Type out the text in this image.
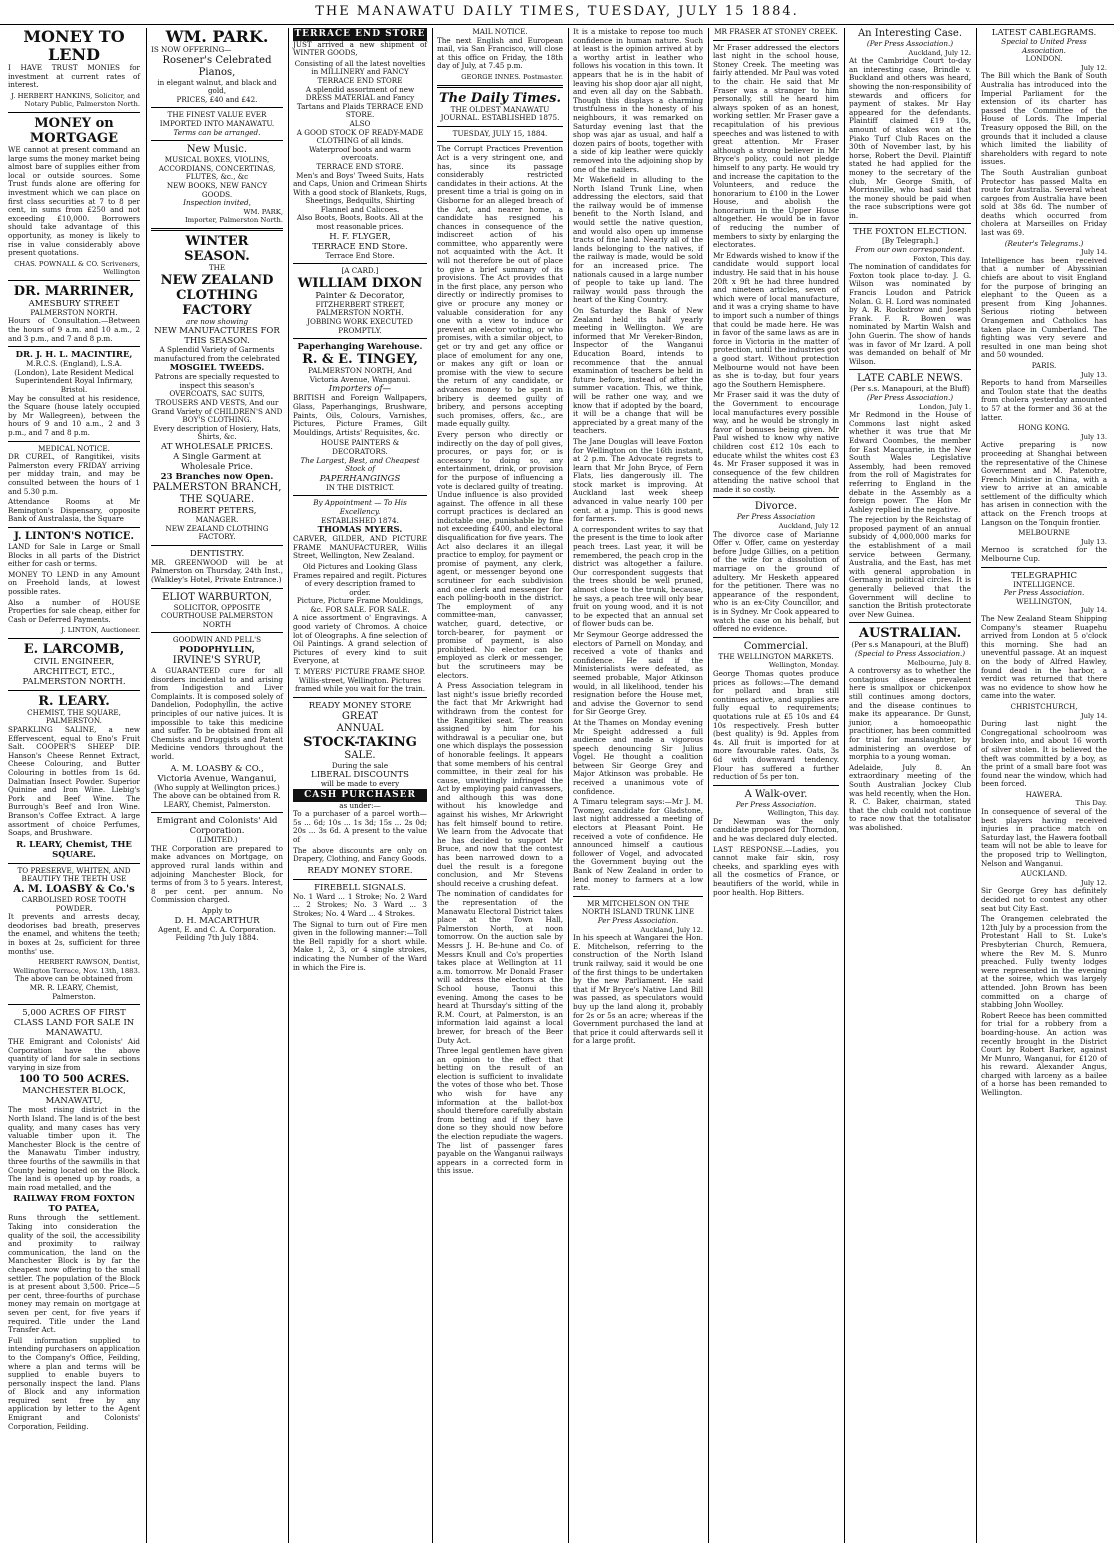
THE MANAWATU DAILY TIMES, TUESDAY, JULY 15 1884.
MONEY TO LEND
I HAVE TRUST MONIES for investment at current rates of interest.
J. HERBERT HANKINS, Solicitor, and Notary Public, Palmerston North.
MONEY on MORTGAGE
WE cannot at present command an large sums the money market being almost bare of supplies either from local or outside sources. Some Trust funds alone are offering for investment which we can place on first class securities at 7 to 8 per cent, in sums from £250 and not exceeding £10,000. Borrowers should take advantage of this opportunity, as money is likely to rise in value considerably above present quotations.
CHAS. POWNALL & CO. Scriveners, Wellington
DR. MARRINER,
AMESBURY STREET
PALMERSTON NORTH.
Hours of Consultation.—Between the hours of 9 a.m. and 10 a.m., 2 and 3 p.m., and 7 and 8 p.m.
DR. J. H. L. MACINTIRE,
M.R.C.S. (England), L.S.A. (London), Late Resident Medical Superintendent Royal Infirmary, Bristol.
May be consulted at his residence, the Square (house lately occupied by Mr Wallegreen), between the hours of 9 and 10 a.m., 2 and 3 p.m., and 7 and 8 p.m.
MEDICAL NOTICE.
DR CUREL, of Rangitikei, visits Palmerston every FRIDAY arriving per midday train, and may be consulted between the hours of 1 and 5.30 p.m.
Attendance Rooms at Mr Remington's Dispensary, opposite Bank of Australasia, the Square
J. LINTON'S NOTICE.
LAND for Sale in Large or Small Blocks in all parts of the District either for cash or terms.
MONEY TO LEND in any Amount on Freehold lands, at lowest possible rates.
Also a number of HOUSE Properties for sale cheap, either for Cash or Deferred Payments.
J. LINTON, Auctioneer.
E. LARCOMB,
CIVIL ENGINEER, ARCHITECT, ETC., PALMERSTON NORTH.
R. LEARY.
CHEMIST, THE SQUARE, PALMERSTON.
SPARKLING SALINE, a new Effervescent, equal to Eno's Fruit Salt. COOPER'S SHEEP DIP. Hanson's Cheese Rennet Extract, Cheese Colouring, and Butter Colouring in bottles from 1s 6d. Dalmatian Insect Powder. Superior Quinine and Iron Wine. Liebig's Pork and Beef Wine. The Burrough's Beef and Iron Wine. Branson's Coffee Extract. A large assortment of choice Perfumes, Soaps, and Brushware.
R. LEARY, Chemist, THE SQUARE.
TO PRESERVE, WHITEN, AND BEAUTIFY THE TEETH USE
A. M. LOASBY & Co.'s
CARBOLISED ROSE TOOTH POWDER.
It prevents and arrests decay, deodorises bad breath, preserves the enamel, and whitens the teeth; in boxes at 2s, sufficient for three months' use.
HERBERT RAWSON, Dentist, Wellington Terrace, Nov. 13th, 1883.
The above can be obtained from MR. R. LEARY, Chemist, Palmerston.
5,000 ACRES OF FIRST CLASS LAND FOR SALE IN MANAWATU.
THE Emigrant and Colonists' Aid Corporation have the above quantity of land for sale in sections varying in size from
100 TO 500 ACRES.
MANCHESTER BLOCK, MANAWATU,
The most rising district in the North Island. The land is of the best quality, and many cases has very valuable timber upon it. The Manchester Block is the centre of the Manawatu Timber industry, three fourths of the sawmills in that County being located on the Block. The land is opened up by roads, a main road metalled, and the
RAILWAY FROM FOXTON TO PATEA,
Runs through the settlement. Taking into consideration the quality of the soil, the accessibility and proximity to railway communication, the land on the Manchester Block is by far the cheapest now offering to the small settler. The population of the Block is at present about 3,500. Price—5 per cent, three-fourths of purchase money may remain on mortgage at seven per cent, for five years if required. Title under the Land Transfer Act.
Full information supplied to intending purchasers on application to the Company's Office, Feilding, where a plan and terms will be supplied to enable buyers to personally inspect the land. Plans of Block and any information required sent free by any application by letter to the Agent Emigrant and Colonists' Corporation, Feilding.
WM. PARK.
IS NOW OFFERING—
Rosener's Celebrated Pianos,
in elegant walnut, and black and gold,
PRICES, £40 and £42.
THE FINEST VALUE EVER IMPORTED INTO MANAWATU.
Terms can be arranged.
New Music.
MUSICAL BOXES, VIOLINS, ACCORDIANS, CONCERTINAS, FLUTES, &c., &c
NEW BOOKS, NEW FANCY GOODS.
Inspection invited,
WM. PARK,
Importer, Palmerston North.
WINTER SEASON.
THE
NEW ZEALAND
CLOTHING FACTORY
are now showing
NEW MANUFACTURES FOR THIS SEASON.
A Splendid Variety of Garments manufactured from the celebrated
MOSGIEL TWEEDS.
Patrons are specially requested to inspect this season's
OVERCOATS, SAC SUITS, TROUSERS AND VESTS, And our Grand Variety of CHILDREN'S AND BOY'S CLOTHING.
Every description of Hosiery, Hats, Shirts, &c.
AT WHOLESALE PRICES.
A Single Garment at Wholesale Price.
23 Branches now Open.
PALMERSTON BRANCH,
THE SQUARE.
ROBERT PETERS,
MANAGER.
NEW ZEALAND CLOTHING FACTORY.
DENTISTRY.
MR. GREENWOOD will be at Palmerston on Thursday, 24th Inst., (Walkley's Hotel, Private Entrance.)
ELIOT WARBURTON,
SOLICITOR, OPPOSITE COURTHOUSE PALMERSTON NORTH
GOODWIN AND PELL'S
PODOPHYLLIN,
IRVINE'S SYRUP,
A GUARANTEED cure for all disorders incidental to and arising from Indigestion and Liver Complaints. It is composed solely of Dandelion, Podophyllin, the active principles of our native juices. It is impossible to take this medicine and suffer. To be obtained from all Chemists and Druggists and Patent Medicine vendors throughout the world.
A. M. LOASBY & CO.,
Victoria Avenue, Wanganui,
(Who supply at Wellington prices.) The above can be obtained from R. LEARY, Chemist, Palmerston.
Emigrant and Colonists' Aid Corporation.
(LIMITED.)
THE Corporation are prepared to make advances on Mortgage, on approved rural lands within and adjoining Manchester Block, for terms of from 3 to 5 years. Interest, 8 per cent. per annum. No Commission charged.
Apply to
D. H. MACARTHUR
Agent, E. and C. A. Corporation. Feilding 7th July 1884.
TERRACE END STORE
JUST arrived a new shipment of WINTER GOODS,
Consisting of all the latest novelties in MILLINERY and FANCY TERRACE END STORE
A splendid assortment of new DRESS MATERIAL and Fancy Tartans and Plaids TERRACE END STORE.
ALSO
A GOOD STOCK OF READY-MADE CLOTHING of all kinds.
Waterproof boots and warm overcoats.
TERRACE END STORE.
Men's and Boys' Tweed Suits, Hats and Caps, Union and Crimean Shirts
With a good stock of Blankets, Rugs, Sheetings, Bedquilts, Shirting Flannel and Calicoes.
Also Boots, Boots, Boots. All at the most reasonable prices.
H. F. FLYGER,
TERRACE END Store.
Terrace End Store.
[A CARD.]
WILLIAM DIXON
Painter & Decorator,
FITZHERBERT STREET, PALMERSTON NORTH.
JOBBING WORK EXECUTED PROMPTLY.
Paperhanging Warehouse.
R. & E. TINGEY,
PALMERSTON NORTH, And Victoria Avenue, Wanganui.
Importers of—
BRITISH and Foreign Wallpapers, Glass, Paperhangings, Brushware, Paints, Oils, Colours, Varnishes, Pictures, Picture Frames, Gilt Mouldings, Artists' Requisites, &c.
HOUSE PAINTERS & DECORATORS.
The Largest, Best, and Cheapest Stock of
PAPERHANGINGS
IN THE DISTRICT.
By Appointment — To His Excellency.
ESTABLISHED 1874.
THOMAS MYERS.
CARVER, GILDER, AND PICTURE FRAME MANUFACTURER, Willis Street, Wellington, New Zealand.
Old Pictures and Looking Glass Frames repaired and regilt. Pictures of every description framed to order.
Picture, Picture Frame Mouldings, &c. FOR SALE. FOR SALE.
A nice assortment o' Engravings. A good variety of Chromos. A choice lot of Oleographs. A fine selection of Oil Paintings. A grand selection of Pictures of every kind to suit Everyone, at
T. MYERS' PICTURE FRAME SHOP. Willis-street, Wellington. Pictures framed while you wait for the train.
READY MONEY STORE
GREAT
ANNUAL
STOCK-TAKING
SALE.
During the sale
LIBERAL DISCOUNTS
will be made to every
CASH PURCHASER
as under:—
To a purchaser of a parcel worth— 5s ... 6d; 10s ... 1s 3d; 15s ... 2s 0d; 20s ... 3s 6d. A present to the value of
The above discounts are only on Drapery, Clothing, and Fancy Goods.
READY MONEY STORE.
FIREBELL SIGNALS.
No. 1 Ward ... 1 Stroke; No. 2 Ward ... 2 Strokes; No. 3 Ward ... 3 Strokes; No. 4 Ward ... 4 Strokes.
The Signal to turn out of Fire men given in the following manner:—Toll the Bell rapidly for a short while. Make 1, 2, 3, or 4 single strokes, indicating the Number of the Ward in which the Fire is.
MAIL NOTICE.
The next English and European mail, via San Francisco, will close at this office on Friday, the 18th day of July, at 7.45 p.m.
GEORGE INNES. Postmaster.
The Daily Times.
THE OLDEST MANAWATU JOURNAL. ESTABLISHED 1875.
TUESDAY, JULY 15, 1884.
The Corrupt Practices Prevention Act is a very stringent one, and has, since its passage considerably restricted candidates in their actions. At the present time a trial is going on in Gisborne for an alleged breach of the Act, and nearer home, a candidate has resigned his chances in consequence of the indiscreet action of his committee, who apparently were not acquainted with the Act. It will not therefore be out of place to give a brief summary of its provisions. The Act provides that in the first place, any person who directly or indirectly promises to give or procure any money or valuable consideration for any one with a view to induce or prevent an elector voting, or who promises, with a similar object, to get or try and get any office or place of emolument for any one, or makes any gift or loan or promise with the view to secure the return of any candidate, or advances money to be spent in bribery is deemed guilty of bribery, and persons accepting such promises, offers, &c., are made equally guilty.
Every person who directly or indirectly on the day of poll gives, procures, or pays for, or is accessory to doing so, any entertainment, drink, or provision for the purpose of influencing a vote is declared guilty of treating. Undue influence is also provided against. The offence in all these corrupt practices is declared an indictable one, punishable by fine not exceeding £400, and electoral disqualification for five years. The Act also declares it an illegal practice to employ, for payment or promise of payment, any clerk, agent, or messenger beyond one scrutineer for each subdivision and one clerk and messenger for each polling-booth in the district. The employment of any committee-man, canvasser, watcher, guard, detective, or torch-bearer, for payment or promise of payment, is also prohibited. No elector can be employed as clerk or messenger, but the scrutineers may be electors.
A Press Association telegram in last night's issue briefly recorded the fact that Mr Arkwright had withdrawn from the contest for the Rangitikei seat. The reason assigned by him for his withdrawal is a peculiar one, but one which displays the possession of honorable feelings. It appears that some members of his central committee, in their zeal for his cause, unwittingly infringed the Act by employing paid canvassers, and although this was done without his knowledge and against his wishes, Mr Arkwright has felt himself bound to retire. We learn from the Advocate that he has decided to support Mr Bruce, and now that the contest has been narrowed down to a duel the result is a foregone conclusion, and Mr Stevens should receive a crushing defeat.
The nomination of candidates for the representation of the Manawatu Electoral District takes place at the Town Hall, Palmerston North, at noon tomorrow. On the auction sale by Messrs J. H. Be-hune and Co. of Messrs Knull and Co's properties takes place at Wellington at 11 a.m. tomorrow. Mr Donald Fraser will address the electors at the School house, Taonui this evening. Among the cases to be heard at Thursday's sitting of the R.M. Court, at Palmerston, is an information laid against a local brewer, for breach of the Beer Duty Act.
Three legal gentlemen have given an opinion to the effect that betting on the result of an election is sufficient to invalidate the votes of those who bet. Those who wish for have any information at the ballot-box should therefore carefully abstain from betting and if they have done so they should now before the election repudiate the wagers. The list of passenger fares payable on the Wanganui railways appears in a corrected form in this issue.
It is a mistake to repose too much confidence in human nature. Such at least is the opinion arrived at by a worthy artist in leather who follows his vocation in this town. It appears that he is in the habit of leaving his shop door ajar all night, and even all day on the Sabbath. Though this displays a charming trustfulness in the honesty of his neighbours, it was remarked on Saturday evening last that the shop was ajar as usual, and half a dozen pairs of boots, together with a side of kip leather were quickly removed into the adjoining shop by one of the nailers.
Mr Wakefield in alluding to the North Island Trunk Line, when addressing the electors, said that the railway would be of immense benefit to the North Island, and would settle the native question, and would also open up immense tracts of fine land. Nearly all of the lands belonging to the natives, if the railway is made, would be sold for an increased price. The nationals caused in a large number of people to take up land. The railway would pass through the heart of the King Country.
On Saturday the Bank of New Zealand held its half yearly meeting in Wellington. We are informed that Mr Vereker-Bindon, Inspector of the Wanganui Education Board, intends to recommence that the annual examination of teachers be held in future before, instead of after the summer vacation. This, we think, will be rather one way, and we know that if adopted by the board, it will be a change that will be appreciated by a great many of the teachers.
The Jane Douglas will leave Foxton for Wellington on the 16th instant, at 2 p.m. The Advocate regrets to learn that Mr John Bryce, of Fern Flats, lies dangerously ill. The stock market is improving. At Auckland last week sheep advanced in value nearly 100 per cent. at a jump. This is good news for farmers.
A correspondent writes to say that the present is the time to look after peach trees. Last year, it will be remembered, the peach crop in the district was altogether a failure. Our correspondent suggests that the trees should be well pruned, almost close to the trunk, because, he says, a peach tree will only bear fruit on young wood, and it is not to be expected that an annual set of flower buds can be.
Mr Seymour George addressed the electors of Parnell on Monday, and received a vote of thanks and confidence. He said if the Ministerialists were defeated, as seemed probable, Major Atkinson would, in all likelihood, tender his resignation before the House met, and advise the Governor to send for Sir George Grey.
At the Thames on Monday evening Mr Speight addressed a full audience and made a vigorous speech denouncing Sir Julius Vogel. He thought a coalition between Sir George Grey and Major Atkinson was probable. He received a unanimous vote of confidence.
A Timaru telegram says:—Mr J. M. Twomey, candidate for Gladstone, last night addressed a meeting of electors at Pleasant Point. He received a vote of confidence. He announced himself a cautious follower of Vogel, and advocated the Government buying out the Bank of New Zealand in order to lend money to farmers at a low rate.
MR MITCHELSON ON THE NORTH ISLAND TRUNK LINE
Per Press Association.
Auckland, July 12.
In his speech at Wangarei the Hon. E. Mitchelson, referring to the construction of the North Island trunk railway, said it would be one of the first things to be undertaken by the new Parliament. He said that if Mr Bryce's Native Land Bill was passed, as speculators would buy up the land along it, probably for 2s or 5s an acre; whereas if the Government purchased the land at that price it could afterwards sell it for a large profit.
MR FRASER AT STONEY CREEK.
Mr Fraser addressed the electors last night in the school house, Stoney Creek. The meeting was fairly attended. Mr Paul was voted to the chair. He said that Mr Fraser was a stranger to him personally, still he heard him always spoken of as an honest, working settler. Mr Fraser gave a recapitulation of his previous speeches and was listened to with great attention. Mr Fraser although a strong believer in Mr Bryce's policy, could not pledge himself to any party. He would try and increase the capitation to the Volunteers, and reduce the honorarium to £100 in the Lower House, and abolish the honorarium in the Upper House altogether. He would be in favor of reducing the number of members to sixty by enlarging the electorates.
Mr Edwards wished to know if the candidate would support local industry. He said that in his house 20ft x 9ft he had three hundred and nineteen articles, seven of which were of local manufacture, and it was a crying shame to have to import such a number of things that could be made here. He was in favor of the same laws as are in force in Victoria in the matter of protection, until the industries got a good start. Without protection Melbourne would not have been as she is to-day, but four years ago the Southern Hemisphere.
Mr Fraser said it was the duty of the Government to encourage local manufactures every possible way, and he would be strongly in favor of bonuses being given. Mr Paul wished to know why native children cost £12 10s each to educate whilst the whites cost £3 4s. Mr Fraser supposed it was in consequence of the few children attending the native school that made it so costly.
Divorce.
Per Press Association
Auckland, July 12
The divorce case of Marianne Offer v. Offer, came on yesterday before Judge Gillies, on a petition of the wife for a dissolution of marriage on the ground of adultery. Mr Hesketh appeared for the petitioner. There was no appearance of the respondent, who is an ex-City Councillor, and is in Sydney. Mr Cook appeared to watch the case on his behalf, but offered no evidence.
Commercial.
THE WELLINGTON MARKETS.
Wellington, Monday.
George Thomas quotes produce prices as follows:—The demand for pollard and bran still continues active, and supplies are fully equal to requirements; quotations rule at £5 10s and £4 10s respectively. Fresh butter (best quality) is 9d. Apples from 4s. All fruit is imported for at more favourable rates. Oats, 3s 6d with downward tendency. Flour has suffered a further reduction of 5s per ton.
A Walk-over.
Per Press Association.
Wellington, This day.
Dr Newman was the only candidate proposed for Thorndon, and he was declared duly elected.
LAST RESPONSE.—Ladies, you cannot make fair skin, rosy cheeks, and sparkling eyes with all the cosmetics of France, or beautifiers of the world, while in poor health. Hop Bitters.
An Interesting Case.
(Per Press Association.)
Auckland, July 12.
At the Cambridge Court to-day an interesting case, Brindle v. Buckland and others was heard, showing the non-responsibility of stewards and officers for payment of stakes. Mr Hay appeared for the defendants. Plaintiff claimed £19 10s, amount of stakes won at the Piako Turf Club Races on the 30th of November last, by his horse, Robert the Devil. Plaintiff stated he had applied for the money to the secretary of the club, Mr George Smith, of Morrinsville, who had said that the money should be paid when the race subscriptions were got in.
THE FOXTON ELECTION.
[By Telegraph.]
From our own correspondent.
Foxton, This day.
The nomination of candidates for Foxton took place to-day. J. G. Wilson was nominated by Francis Loudon and Patrick Nolan. G. H. Lord was nominated by A. R. Rockstrow and Joseph Frank. F. R. Bowen was nominated by Martin Walsh and John Guerin. The show of hands was in favor of Mr Izard. A poll was demanded on behalf of Mr Wilson.
LATE CABLE NEWS.
(Per s.s. Manapouri, at the Bluff)
(Per Press Association.)
London, July 1.
Mr Redmond in the House of Commons last night asked whether it was true that Mr Edward Coombes, the member for East Macquarie, in the New South Wales Legislative Assembly, had been removed from the roll of Magistrates for referring to England in the debate in the Assembly as a foreign power. The Hon Mr Ashley replied in the negative.
The rejection by the Reichstag of proposed payment of an annual subsidy of 4,000,000 marks for the establishment of a mail service between Germany, Australia, and the East, has met with general approbation in Germany in political circles. It is generally believed that the Government will decline to sanction the British protectorate over New Guinea.
AUSTRALIAN.
(Per s.s Manapouri, at the Bluff)
(Special to Press Association.)
Melbourne, July 8.
A controversy as to whether the contagious disease prevalent here is smallpox or chickenpox still continues among doctors, and the disease continues to make its appearance. Dr Gunst, junior, a homoeopathic practitioner, has been committed for trial for manslaughter, by administering an overdose of morphia to a young woman.
Adelaide, July 8. An extraordinary meeting of the South Australian Jockey Club was held recently, when the Hon. R. C. Baker, chairman, stated that the club could not continue to race now that the totalisator was abolished.
LATEST CABLEGRAMS.
Special to United Press Association.
LONDON.
July 12.
The Bill which the Bank of South Australia has introduced into the Imperial Parliament for the extension of its charter has passed the Committee of the House of Lords. The Imperial Treasury opposed the Bill, on the grounds that it included a clause which limited the liability of shareholders with regard to note issues.
The South Australian gunboat Protector has passed Malta en route for Australia. Several wheat cargoes from Australia have been sold at 38s 6d. The number of deaths which occurred from cholera at Marseilles on Friday last was 69.
(Reuter's Telegrams.)
July 14.
Intelligence has been received that a number of Abyssinian chiefs are about to visit England for the purpose of bringing an elephant to the Queen as a present from King Johannes. Serious rioting between Orangemen and Catholics has taken place in Cumberland. The fighting was very severe and resulted in one man being shot and 50 wounded.
PARIS.
July 13.
Reports to hand from Marseilles and Toulon state that the deaths from cholera yesterday amounted to 57 at the former and 36 at the latter.
HONG KONG.
July 13.
Active preparing is now proceeding at Shanghai between the representative of the Chinese Government and M. Patenotre, French Minister in China, with a view to arrive at an amicable settlement of the difficulty which has arisen in connection with the attack on the French troops at Langson on the Tonquin frontier.
MELBOURNE
July 13.
Mernoo is scratched for the Melbourne Cup.
TELEGRAPHIC
INTELLIGENCE.
Per Press Association.
WELLINGTON,
July 14.
The New Zealand Steam Shipping Company's steamer Ruapehu arrived from London at 5 o'clock this morning. She had an uneventful passage. At an inquest on the body of Alfred Hawley, found dead in the harbor, a verdict was returned that there was no evidence to show how he came into the water.
CHRISTCHURCH,
July 14.
During last night the Congregational schoolroom was broken into, and about 16 worth of silver stolen. It is believed the theft was committed by a boy, as the print of a small bare foot was found near the window, which had been forced.
HAWERA.
This Day.
In consequence of several of the best players having received injuries in practice match on Saturday last, the Hawera football team will not be able to leave for the proposed trip to Wellington, Nelson and Wanganui.
AUCKLAND.
July 12.
Sir George Grey has definitely decided not to contest any other seat but City East.
The Orangemen celebrated the 12th July by a procession from the Protestant Hall to St. Luke's Presbyterian Church, Remuera, where the Rev M. S. Munro preached. Fully twenty lodges were represented in the evening at the soiree, which was largely attended. John Brown has been committed on a charge of stabbing John Woolley.
Robert Reece has been committed for trial for a robbery from a boarding-house. An action was recently brought in the District Court by Robert Barker, against Mr Munro, Wanganui, for £120 of his reward. Alexander Angus, charged with larceny as a bailee of a horse has been remanded to Wellington.
